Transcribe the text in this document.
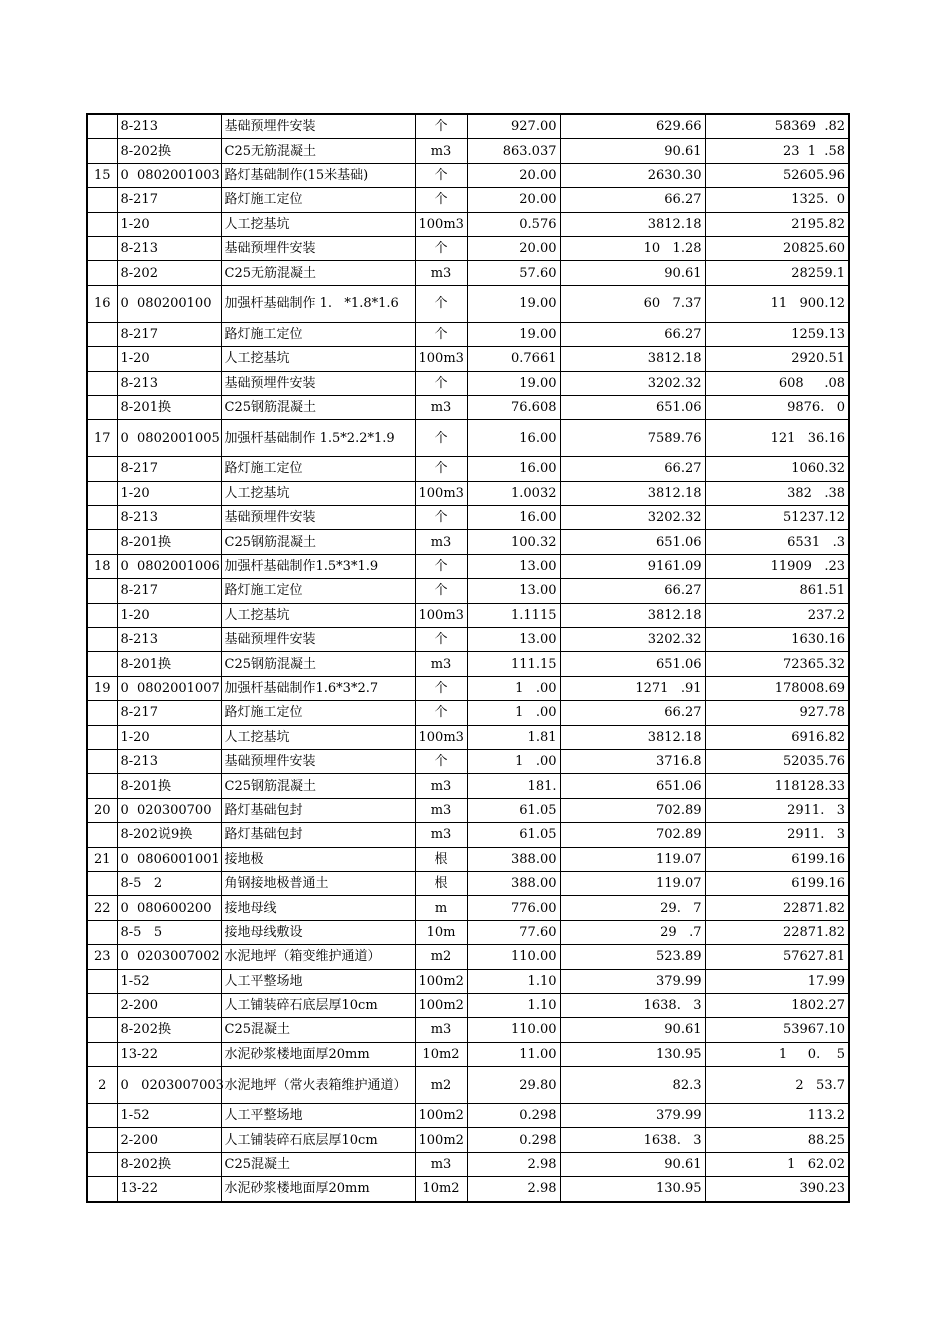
	8-213	基础预埋件安装	个	927.00	629.66	58369  .82
	8-202换	C25无筋混凝土	m3	863.037	90.61	23  1  .58
15	0  0802001003	路灯基础制作(15米基础)	个	20.00	2630.30	52605.96
	8-217	路灯施工定位	个	20.00	66.27	1325.  0
	1-20	人工挖基坑	100m3	0.576	3812.18	2195.82
	8-213	基础预埋件安装	个	20.00	10   1.28	20825.60
	8-202	C25无筋混凝土	m3	57.60	90.61	28259.1
16	0  080200100	加强杆基础制作 1.   *1.8*1.6	个	19.00	60   7.37	11   900.12
	8-217	路灯施工定位	个	19.00	66.27	1259.13
	1-20	人工挖基坑	100m3	0.7661	3812.18	2920.51
	8-213	基础预埋件安装	个	19.00	3202.32	608     .08
	8-201换	C25钢筋混凝土	m3	76.608	651.06	9876.   0
17	0  0802001005	加强杆基础制作 1.5*2.2*1.9	个	16.00	7589.76	121   36.16
	8-217	路灯施工定位	个	16.00	66.27	1060.32
	1-20	人工挖基坑	100m3	1.0032	3812.18	382   .38
	8-213	基础预埋件安装	个	16.00	3202.32	51237.12
	8-201换	C25钢筋混凝土	m3	100.32	651.06	6531   .3
18	0  0802001006	加强杆基础制作1.5*3*1.9	个	13.00	9161.09	11909   .23
	8-217	路灯施工定位	个	13.00	66.27	861.51
	1-20	人工挖基坑	100m3	1.1115	3812.18	237.2
	8-213	基础预埋件安装	个	13.00	3202.32	1630.16
	8-201换	C25钢筋混凝土	m3	111.15	651.06	72365.32
19	0  0802001007	加强杆基础制作1.6*3*2.7	个	1   .00	1271   .91	178008.69
	8-217	路灯施工定位	个	1   .00	66.27	927.78
	1-20	人工挖基坑	100m3	1.81	3812.18	6916.82
	8-213	基础预埋件安装	个	1   .00	3716.8	52035.76
	8-201换	C25钢筋混凝土	m3	181.	651.06	118128.33
20	0  020300700	路灯基础包封	m3	61.05	702.89	2911.   3
	8-202说9换	路灯基础包封	m3	61.05	702.89	2911.   3
21	0  0806001001	接地极	根	388.00	119.07	6199.16
	8-5   2	角钢接地极普通土	根	388.00	119.07	6199.16
22	0  080600200	接地母线	m	776.00	29.   7	22871.82
	8-5   5	接地母线敷设	10m	77.60	29   .7	22871.82
23	0  0203007002	水泥地坪（箱变维护通道）	m2	110.00	523.89	57627.81
	1-52	人工平整场地	100m2	1.10	379.99	17.99
	2-200	人工铺装碎石底层厚10cm	100m2	1.10	1638.   3	1802.27
	8-202换	C25混凝土	m3	110.00	90.61	53967.10
	13-22	水泥砂浆楼地面厚20mm	10m2	11.00	130.95	1     0.    5
2	0   0203007003	水泥地坪（常火表箱维护通道）	m2	29.80	82.3	2   53.7
	1-52	人工平整场地	100m2	0.298	379.99	113.2
	2-200	人工铺装碎石底层厚10cm	100m2	0.298	1638.   3	88.25
	8-202换	C25混凝土	m3	2.98	90.61	1   62.02
	13-22	水泥砂浆楼地面厚20mm	10m2	2.98	130.95	390.23
